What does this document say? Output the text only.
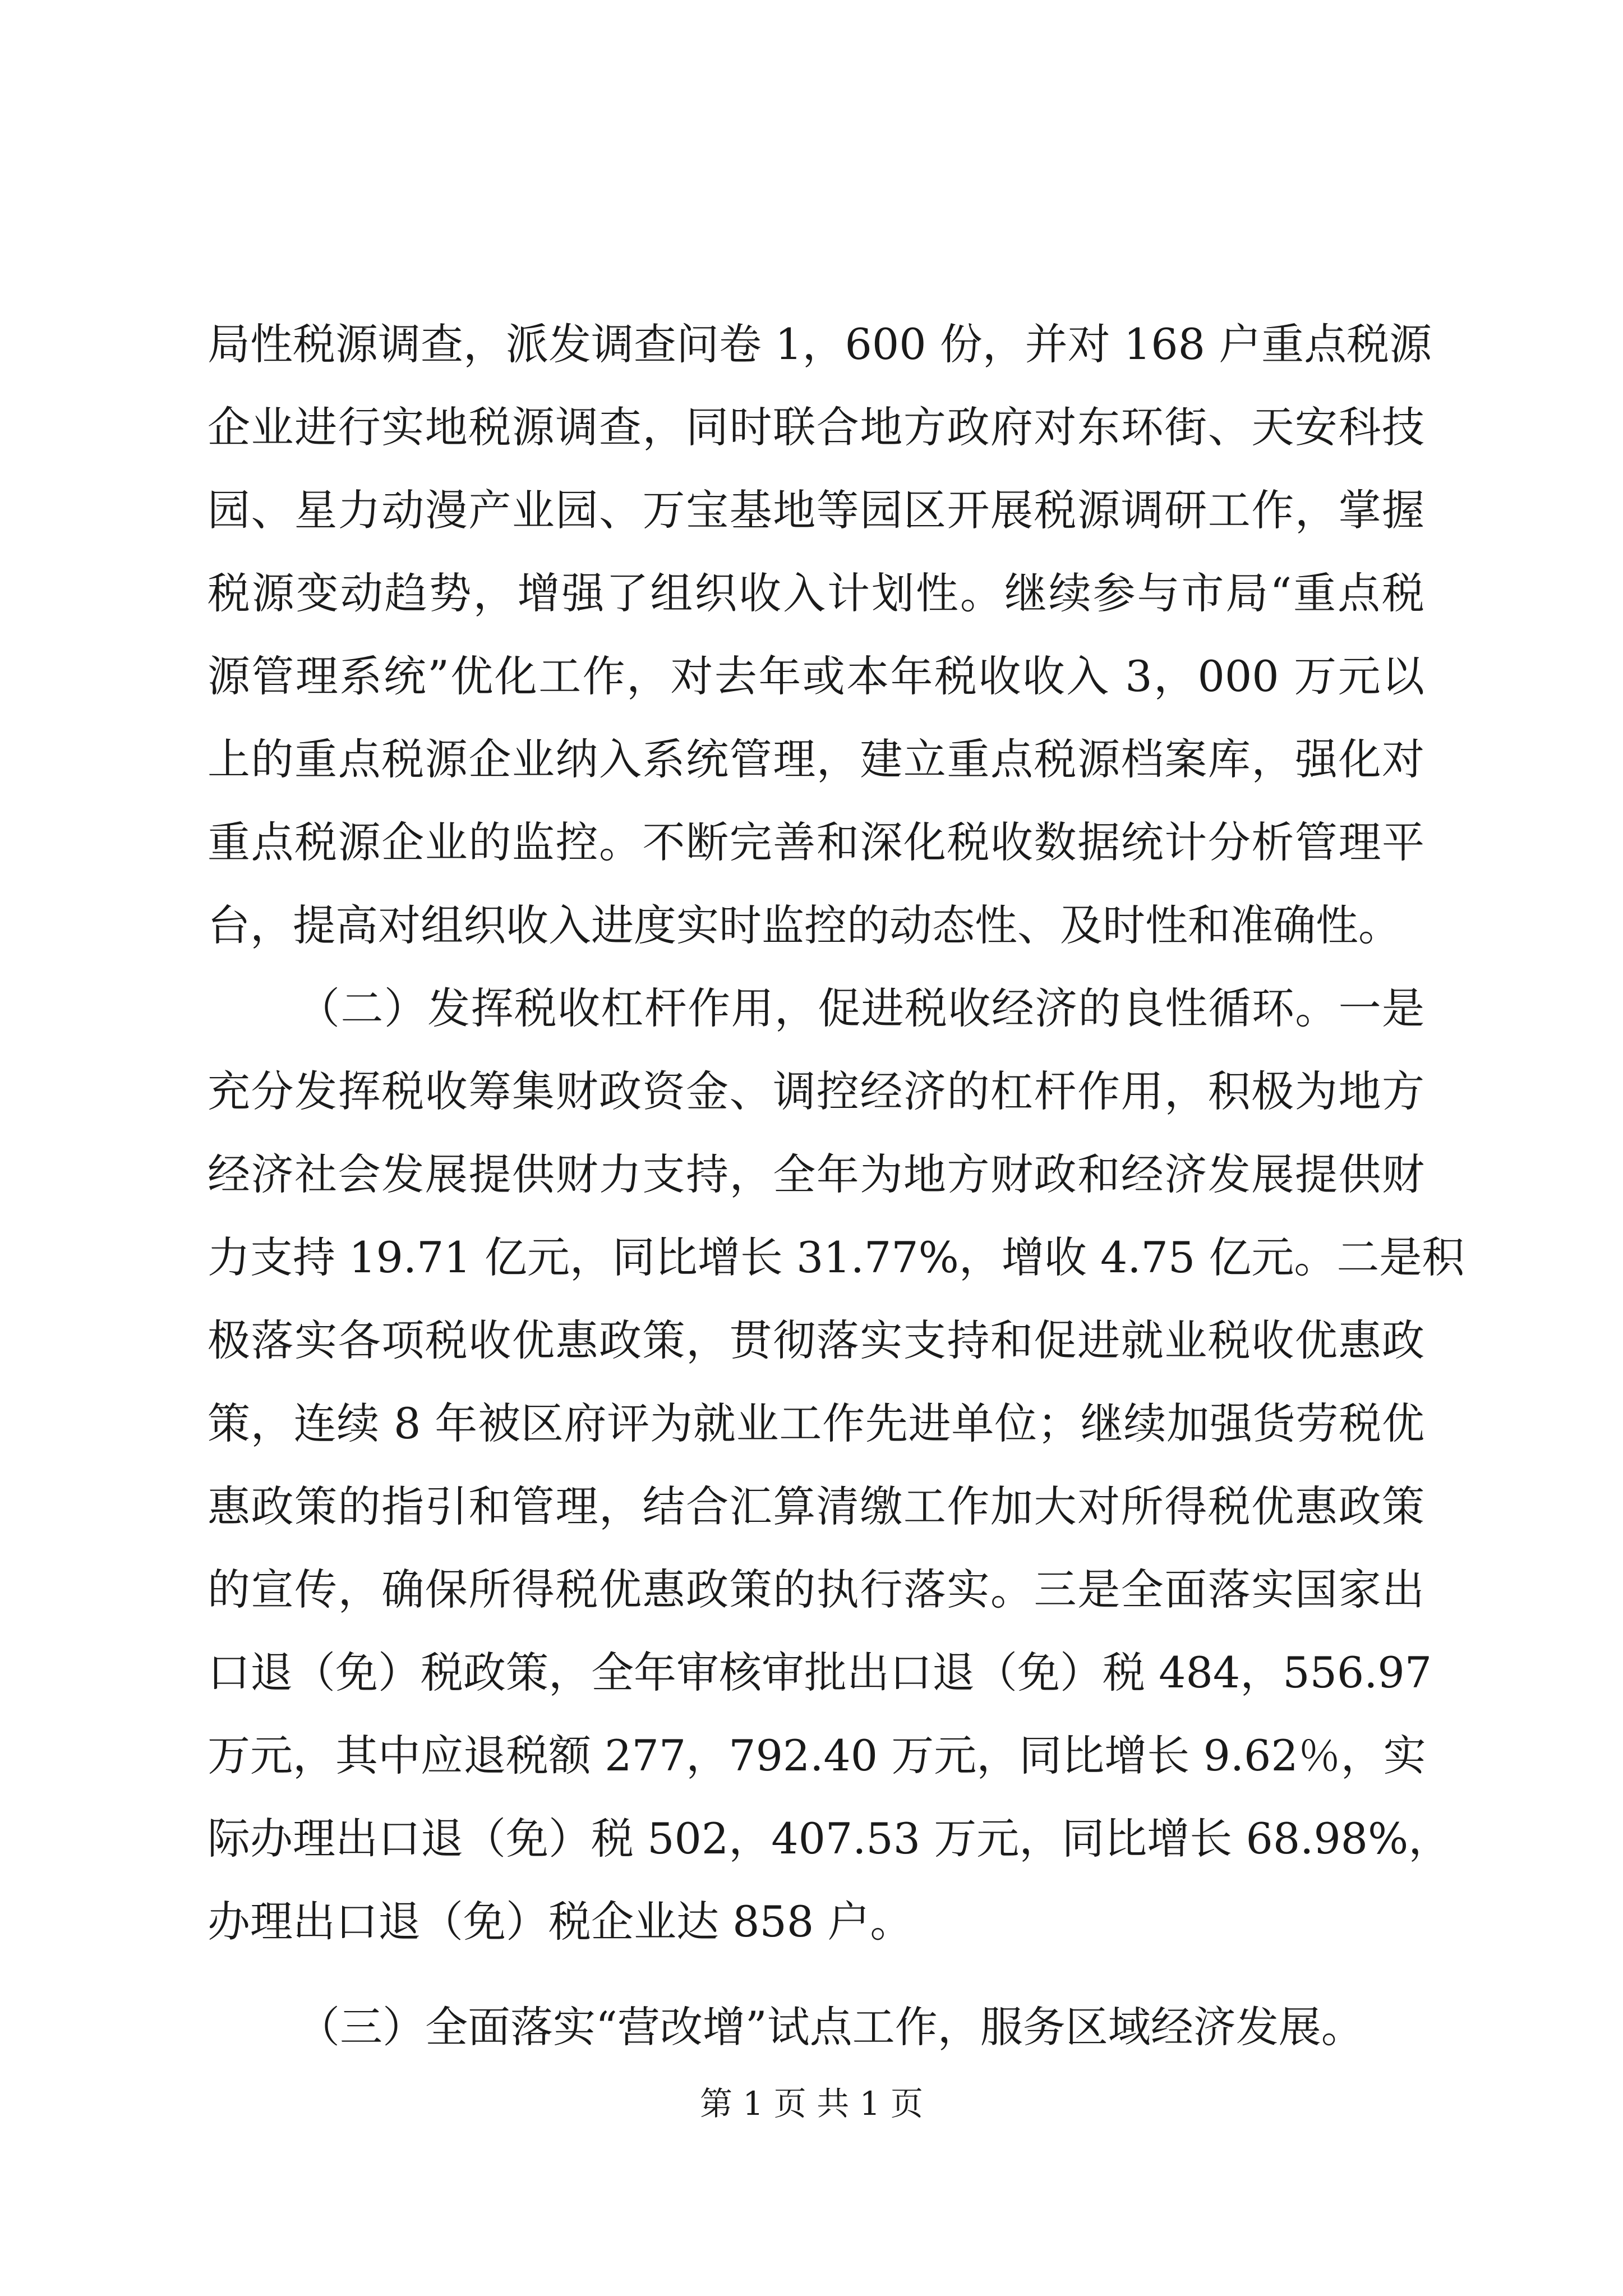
局性税源调查，派发调查问卷 1，600 份，并对 168 户重点税源
企业进行实地税源调查，同时联合地方政府对东环街、天安科技
园、星力动漫产业园、万宝基地等园区开展税源调研工作，掌握
税源变动趋势，增强了组织收入计划性。继续参与市局“重点税
源管理系统”优化工作，对去年或本年税收收入 3，000 万元以
上的重点税源企业纳入系统管理，建立重点税源档案库，强化对
重点税源企业的监控。不断完善和深化税收数据统计分析管理平
台，提高对组织收入进度实时监控的动态性、及时性和准确性。
（二）发挥税收杠杆作用，促进税收经济的良性循环。一是
充分发挥税收筹集财政资金、调控经济的杠杆作用，积极为地方
经济社会发展提供财力支持，全年为地方财政和经济发展提供财
力支持 19.71 亿元，同比增长 31.77%，增收 4.75 亿元。二是积
极落实各项税收优惠政策，贯彻落实支持和促进就业税收优惠政
策，连续 8 年被区府评为就业工作先进单位；继续加强货劳税优
惠政策的指引和管理，结合汇算清缴工作加大对所得税优惠政策
的宣传，确保所得税优惠政策的执行落实。三是全面落实国家出
口退（免）税政策，全年审核审批出口退（免）税 484，556.97
万元，其中应退税额 277，792.40 万元，同比增长 9.62％，实
际办理出口退（免）税 502，407.53 万元，同比增长 68.98%，
办理出口退（免）税企业达 858 户。
（三）全面落实“营改增”试点工作，服务区域经济发展。
第 1 页 共 1 页
